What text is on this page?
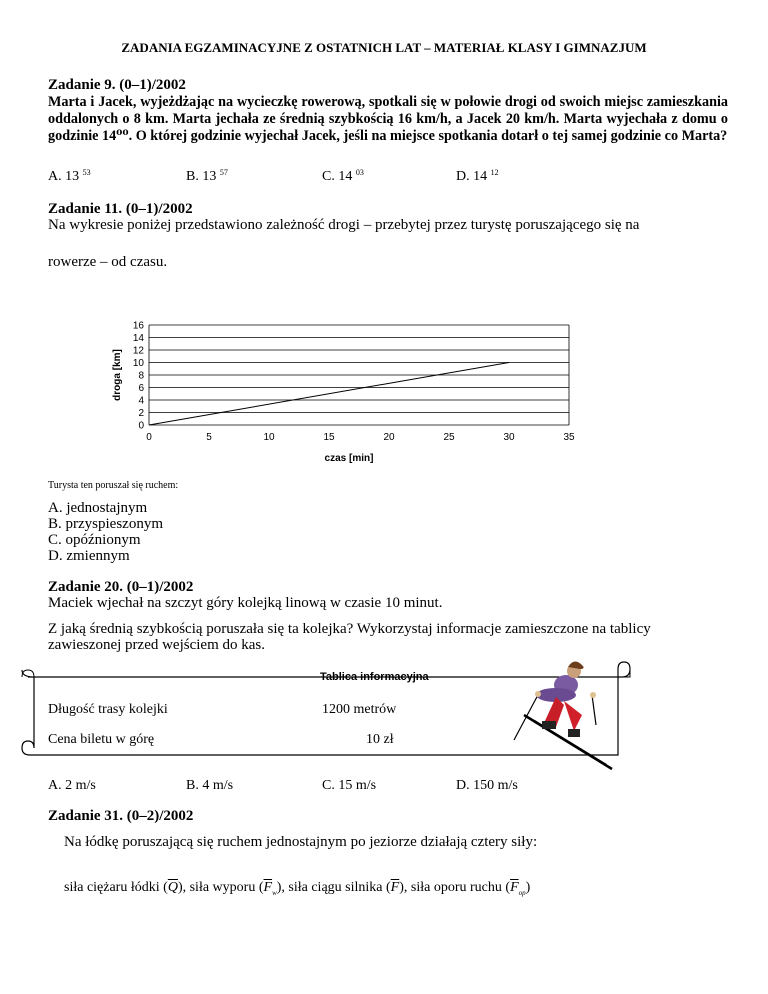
ZADANIA EGZAMINACYJNE Z OSTATNICH LAT – MATERIAŁ KLASY I GIMNAZJUM
Zadanie 9. (0–1)/2002
Marta i Jacek, wyjeżdżając na wycieczkę rowerową, spotkali się w połowie drogi od swoich miejsc zamieszkania oddalonych o 8 km. Marta jechała ze średnią szybkością 16 km/h, a Jacek 20 km/h. Marta wyjechała z domu o godzinie 14⁰⁰. O której godzinie wyjechał Jacek, jeśli na miejsce spotkania dotarł o tej samej godzinie co Marta?
A. 13 $^{53}$	B. 13 $^{57}$	C. 14 $^{03}$	D. 14 $^{12}$
Zadanie 11. (0–1)/2002
Na wykresie poniżej przedstawiono zależność drogi – przebytej przez turystę poruszającego się na
rowerze – od czasu.
0
2
4
6
8
10
12
14
16
0	5	10	15	20	25	30	35
czas [min]
droga [km]
Turysta ten poruszał się ruchem:
A. jednostajnym
B. przyspieszonym
C. opóźnionym
D. zmiennym
Zadanie 20. (0–1)/2002
Maciek wjechał na szczyt góry kolejką linową w czasie 10 minut.
Z jaką średnią szybkością poruszała się ta kolejka? Wykorzystaj informacje zamieszczone na tablicy
zawieszonej przed wejściem do kas.
Tablica informacyjna
Długość trasy kolejki	1200 metrów
Cena biletu w górę	10 zł
A. 2 m/s	B. 4 m/s	C. 15 m/s	D. 150 m/s
Zadanie 31. (0–2)/2002
Na łódkę poruszającą się ruchem jednostajnym po jeziorze działają cztery siły:
siła ciężaru łódki $(\overline{Q})$, siła wyporu $(\overline{F}_w)$, siła ciągu silnika $(\overline{F})$, siła oporu ruchu $(\overline{F}_{op})$
